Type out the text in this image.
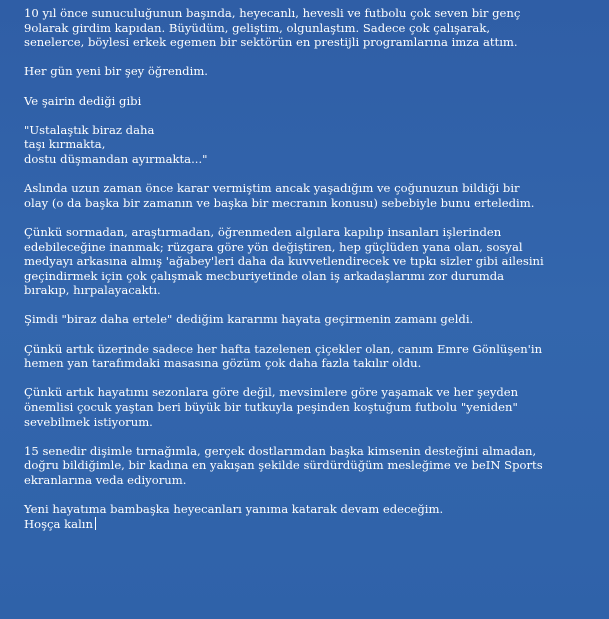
10 yıl önce sunuculuğunun başında, heyecanlı, hevesli ve futbolu çok seven bir genç
9olarak girdim kapıdan. Büyüdüm, geliştim, olgunlaştım. Sadece çok çalışarak,
senelerce, böylesi erkek egemen bir sektörün en prestijli programlarına imza attım.

Her gün yeni bir şey öğrendim.

Ve şairin dediği gibi

"Ustalaştık biraz daha
taşı kırmakta,
dostu düşmandan ayırmakta..."

Aslında uzun zaman önce karar vermiştim ancak yaşadığım ve çoğunuzun bildiği bir
olay (o da başka bir zamanın ve başka bir mecranın konusu) sebebiyle bunu erteledim.

Çünkü sormadan, araştırmadan, öğrenmeden algılara kapılıp insanları işlerinden
edebileceğine inanmak; rüzgara göre yön değiştiren, hep güçlüden yana olan, sosyal
medyayı arkasına almış 'ağabey'leri daha da kuvvetlendirecek ve tıpkı sizler gibi ailesini
geçindirmek için çok çalışmak mecburiyetinde olan iş arkadaşlarımı zor durumda
bırakıp, hırpalayacaktı.

Şimdi "biraz daha ertele" dediğim kararımı hayata geçirmenin zamanı geldi.

Çünkü artık üzerinde sadece her hafta tazelenen çiçekler olan, canım Emre Gönlüşen'in
hemen yan tarafımdaki masasına gözüm çok daha fazla takılır oldu.

Çünkü artık hayatımı sezonlara göre değil, mevsimlere göre yaşamak ve her şeyden
önemlisi çocuk yaştan beri büyük bir tutkuyla peşinden koştuğum futbolu "yeniden"
sevebilmek istiyorum.

15 senedir dişimle tırnağımla, gerçek dostlarımdan başka kimsenin desteğini almadan,
doğru bildiğimle, bir kadına en yakışan şekilde sürdürdüğüm mesleğime ve beIN Sports
ekranlarına veda ediyorum.

Yeni hayatıma bambaşka heyecanları yanıma katarak devam edeceğim.
Hoşça kalın
